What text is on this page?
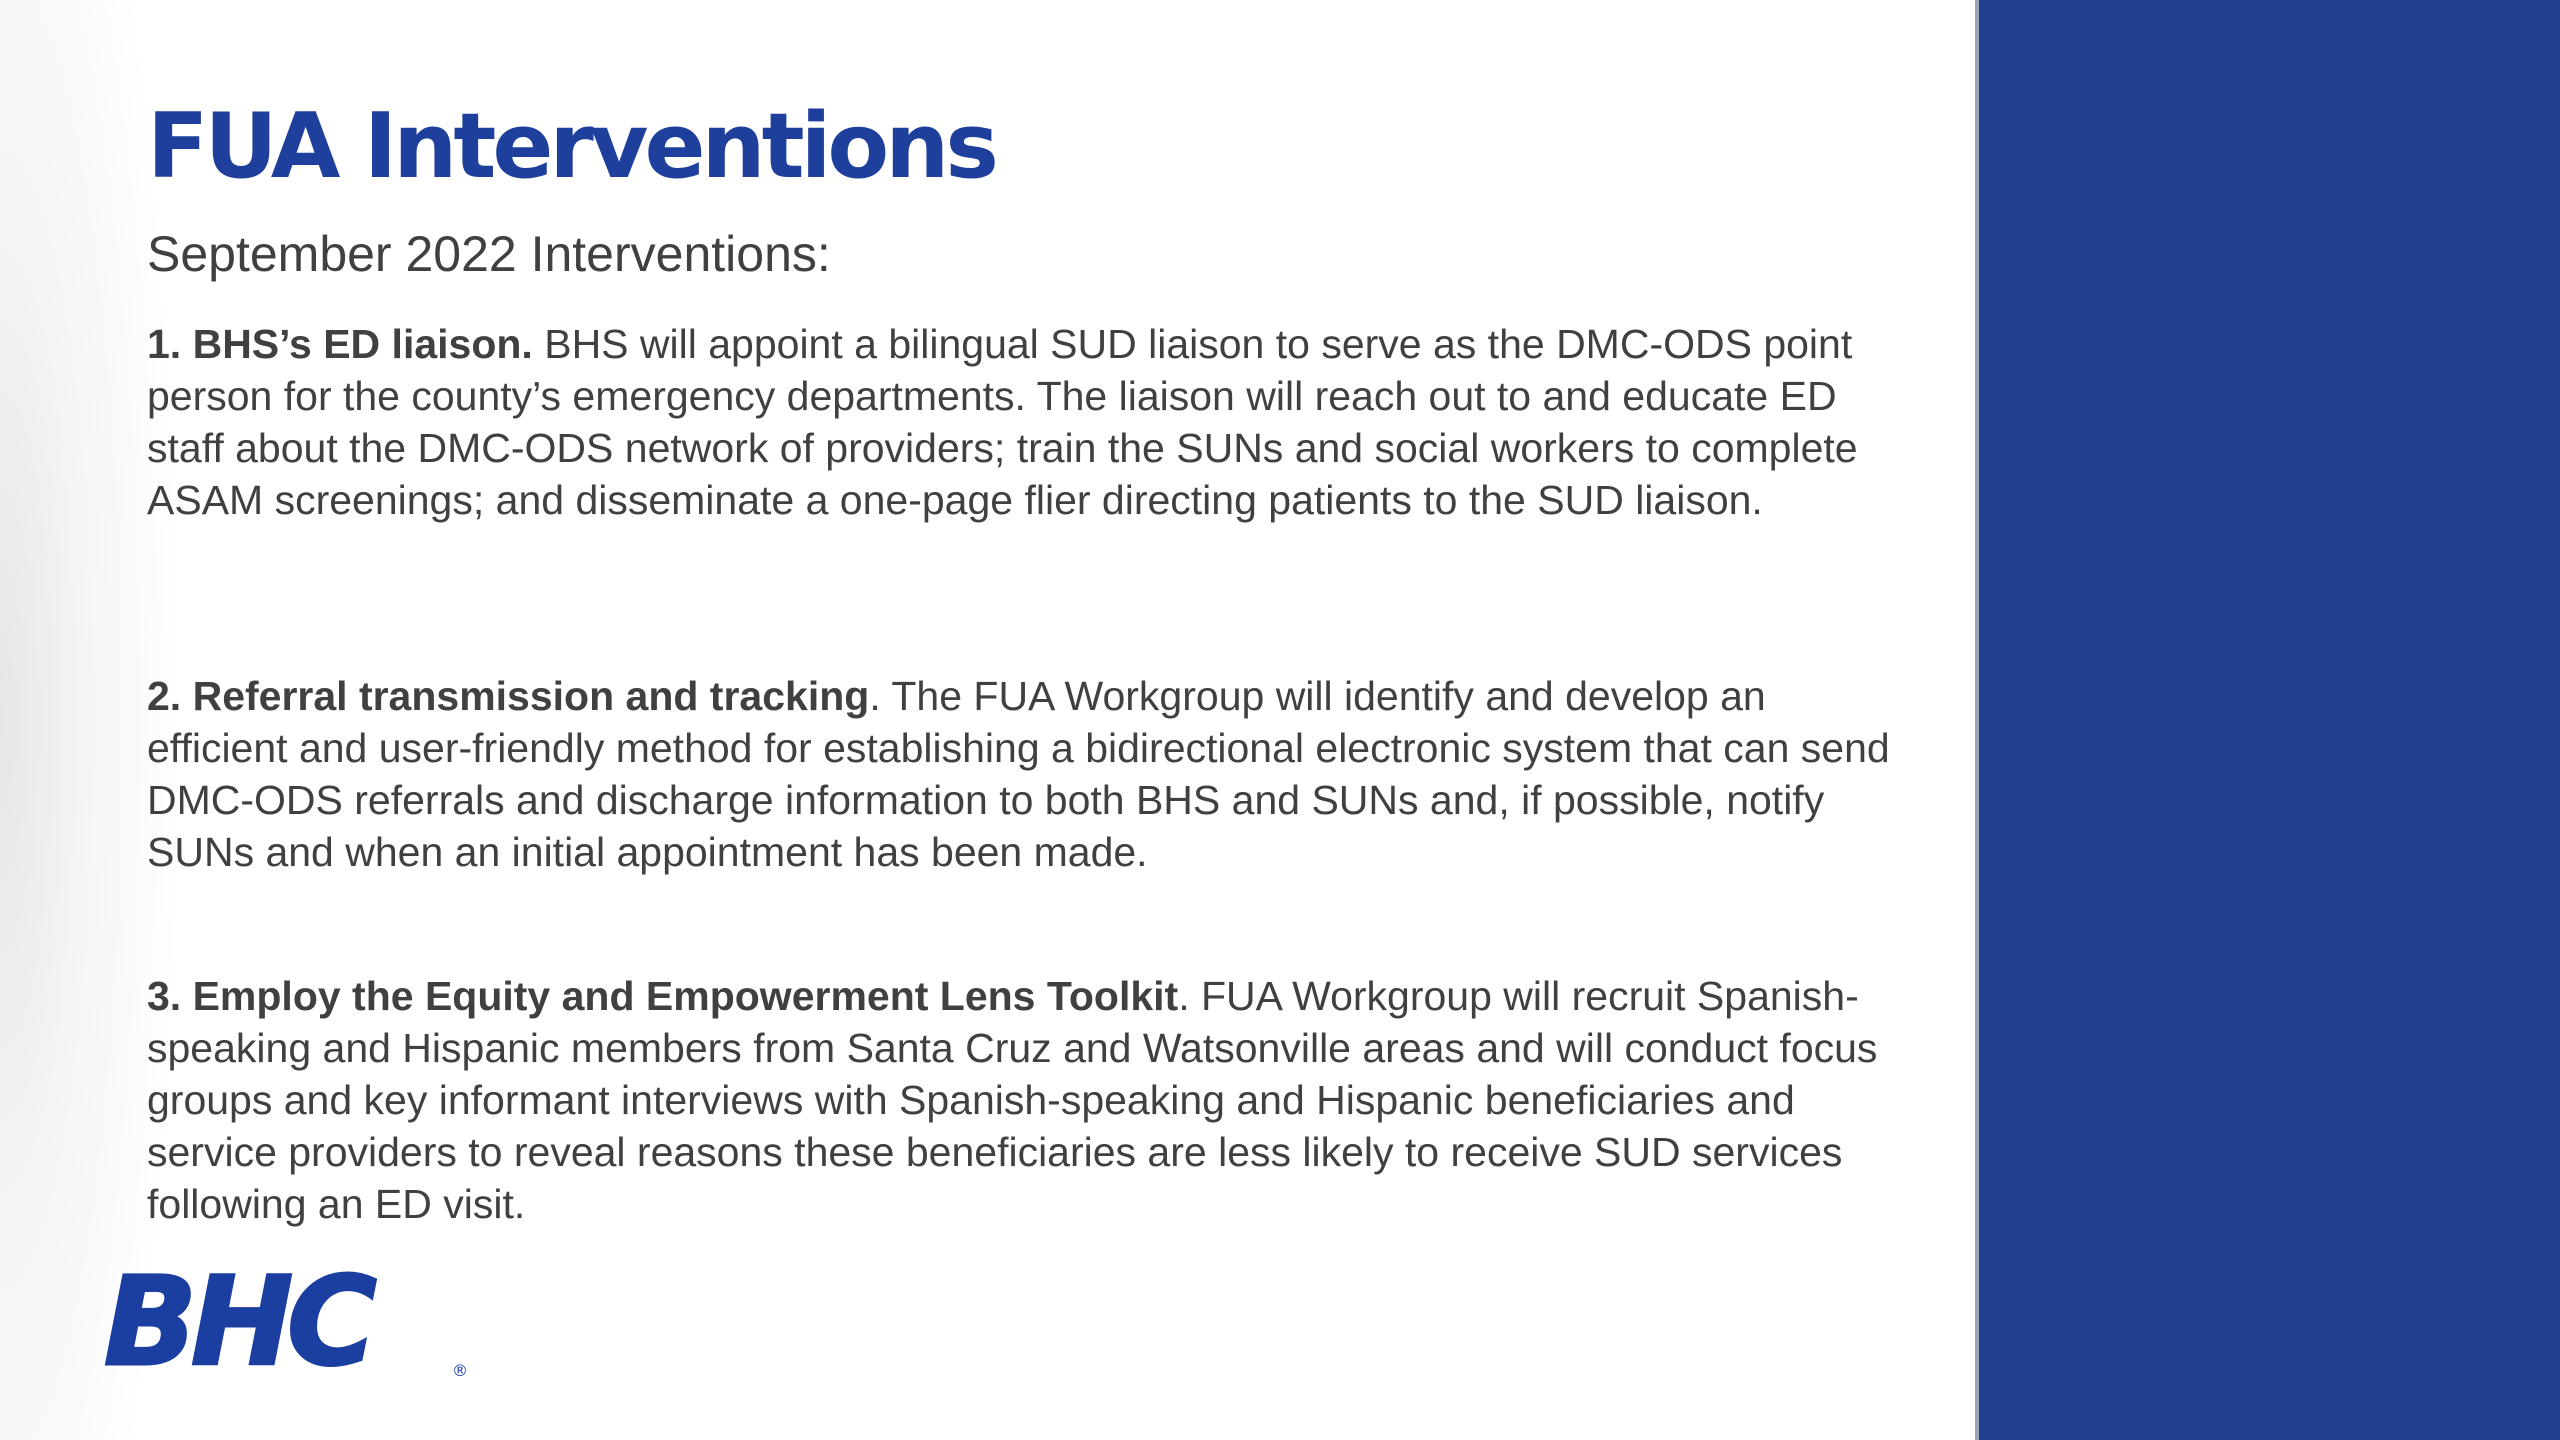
FUA Interventions

September 2022 Interventions:

1. BHS’s ED liaison. BHS will appoint a bilingual SUD liaison to serve as the DMC-ODS point person for the county’s emergency departments. The liaison will reach out to and educate ED staff about the DMC-ODS network of providers; train the SUNs and social workers to complete ASAM screenings; and disseminate a one-page flier directing patients to the SUD liaison.

2. Referral transmission and tracking. The FUA Workgroup will identify and develop an efficient and user-friendly method for establishing a bidirectional electronic system that can send DMC-ODS referrals and discharge information to both BHS and SUNs and, if possible, notify SUNs and when an initial appointment has been made.

3. Employ the Equity and Empowerment Lens Toolkit. FUA Workgroup will recruit Spanish-speaking and Hispanic members from Santa Cruz and Watsonville areas and will conduct focus groups and key informant interviews with Spanish-speaking and Hispanic beneficiaries and service providers to reveal reasons these beneficiaries are less likely to receive SUD services following an ED visit.

BHC	®
